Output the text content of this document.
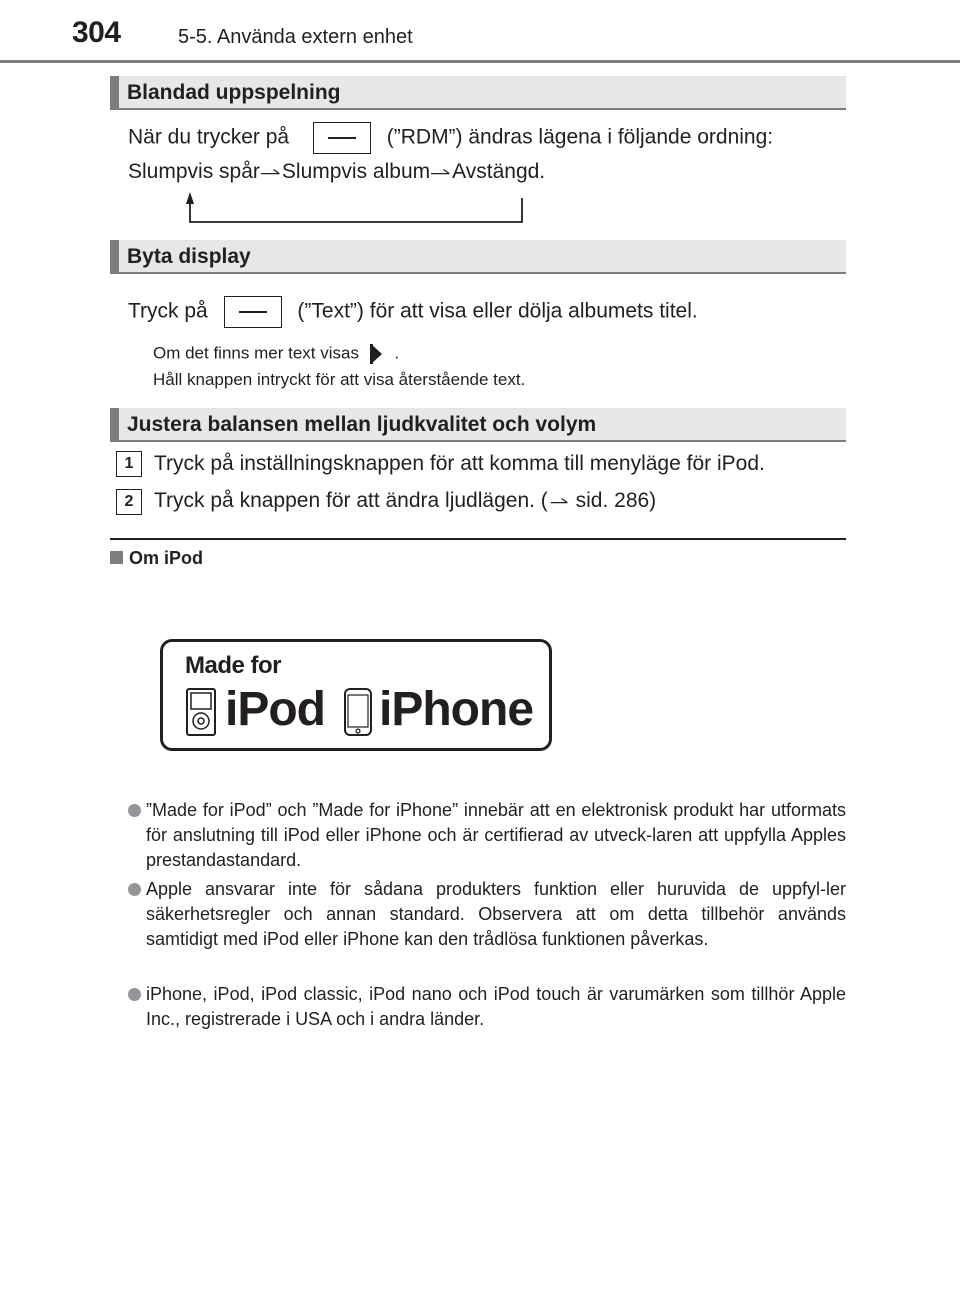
304	5-5. Använda extern enhet
Blandad uppspelning
När du trycker på	(”RDM”) ändras lägena i följande ordning:
Slumpvis spår Slumpvis album Avstängd.
Byta display
Tryck på	(”Text”) för att visa eller dölja albumets titel.
Om det finns mer text visas .
Håll knappen intryckt för att visa återstående text.
Justera balansen mellan ljudkvalitet och volym
1 Tryck på inställningsknappen för att komma till menyläge för iPod.
2 Tryck på knappen för att ändra ljudlägen. ( sid. 286)
Om iPod
Made for
iPod iPhone
”Made for iPod” och ”Made for iPhone” innebär att en elektronisk produkt har utformats för anslutning till iPod eller iPhone och är certifierad av utveck-laren att uppfylla Apples prestandastandard.
Apple ansvarar inte för sådana produkters funktion eller huruvida de uppfyl-ler säkerhetsregler och annan standard. Observera att om detta tillbehör används samtidigt med iPod eller iPhone kan den trådlösa funktionen påverkas.
iPhone, iPod, iPod classic, iPod nano och iPod touch är varumärken som tillhör Apple Inc., registrerade i USA och i andra länder.
